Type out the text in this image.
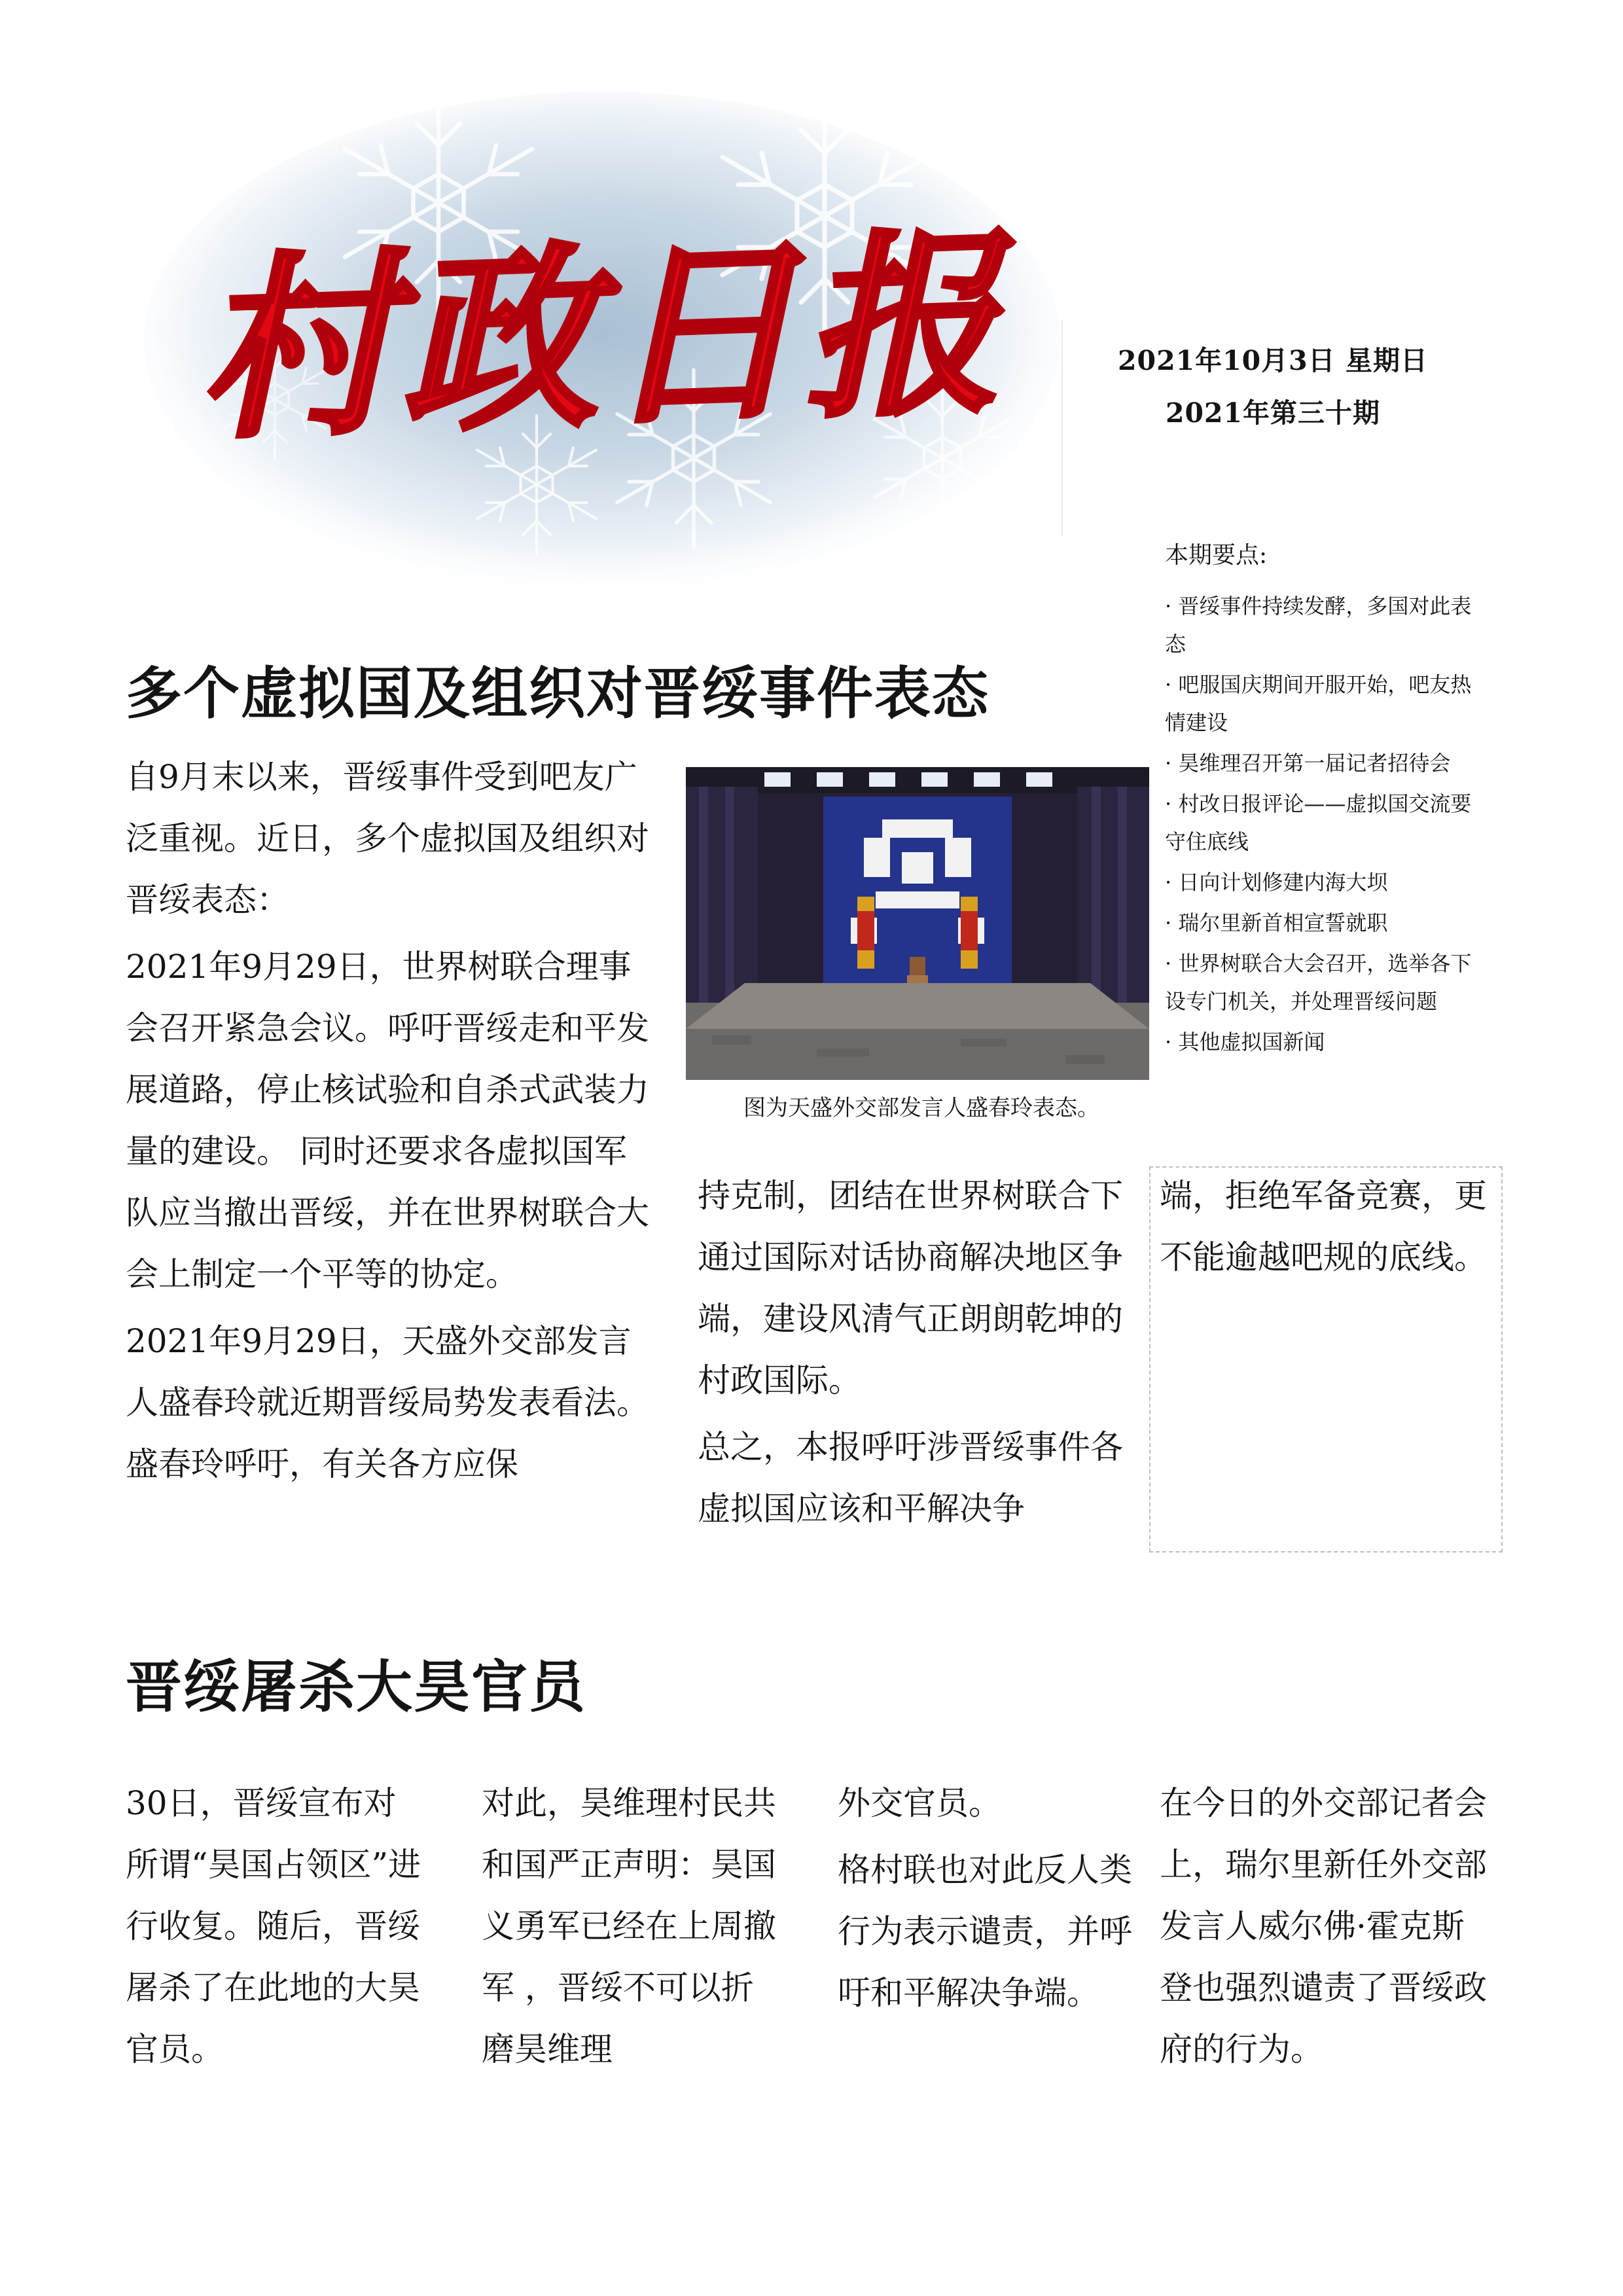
村政日报	2021年10月3日 星期日
2021年第三十期
本期要点:
· 晋绥事件持续发酵，多国对此表态
· 吧服国庆期间开服开始，吧友热情建设
· 昊维理召开第一届记者招待会
· 村改日报评论——虚拟国交流要守住底线
· 日向计划修建内海大坝
· 瑞尔里新首相宣誓就职
· 世界树联合大会召开，选举各下设专门机关，并处理晋绥问题
· 其他虚拟国新闻
多个虚拟国及组织对晋绥事件表态

自9月末以来，晋绥事件受到吧友广泛重视。近日，多个虚拟国及组织对晋绥表态：

2021年9月29日，世界树联合理事会召开紧急会议。呼吁晋绥走和平发展道路，停止核试验和自杀式武装力量的建设。 同时还要求各虚拟国军队应当撤出晋绥，并在世界树联合大会上制定一个平等的协定。

2021年9月29日，天盛外交部发言人盛春玲就近期晋绥局势发表看法。 盛春玲呼吁，有关各方应保

图为天盛外交部发言人盛春玲表态。

持克制，团结在世界树联合下通过国际对话协商解决地区争端，建设风清气正朗朗乾坤的村政国际。

总之，本报呼吁涉晋绥事件各虚拟国应该和平解决争

端，拒绝军备竞赛，更不能逾越吧规的底线。

晋绥屠杀大昊官员

30日，晋绥宣布对所谓“昊国占领区”进行收复。随后，晋绥屠杀了在此地的大昊官员。

对此，昊维理村民共和国严正声明：昊国义勇军已经在上周撤军 ，晋绥不可以折磨昊维理

外交官员。

格村联也对此反人类行为表示谴责，并呼吁和平解决争端。

在今日的外交部记者会上，瑞尔里新任外交部发言人威尔佛·霍克斯登也强烈谴责了晋绥政府的行为。
